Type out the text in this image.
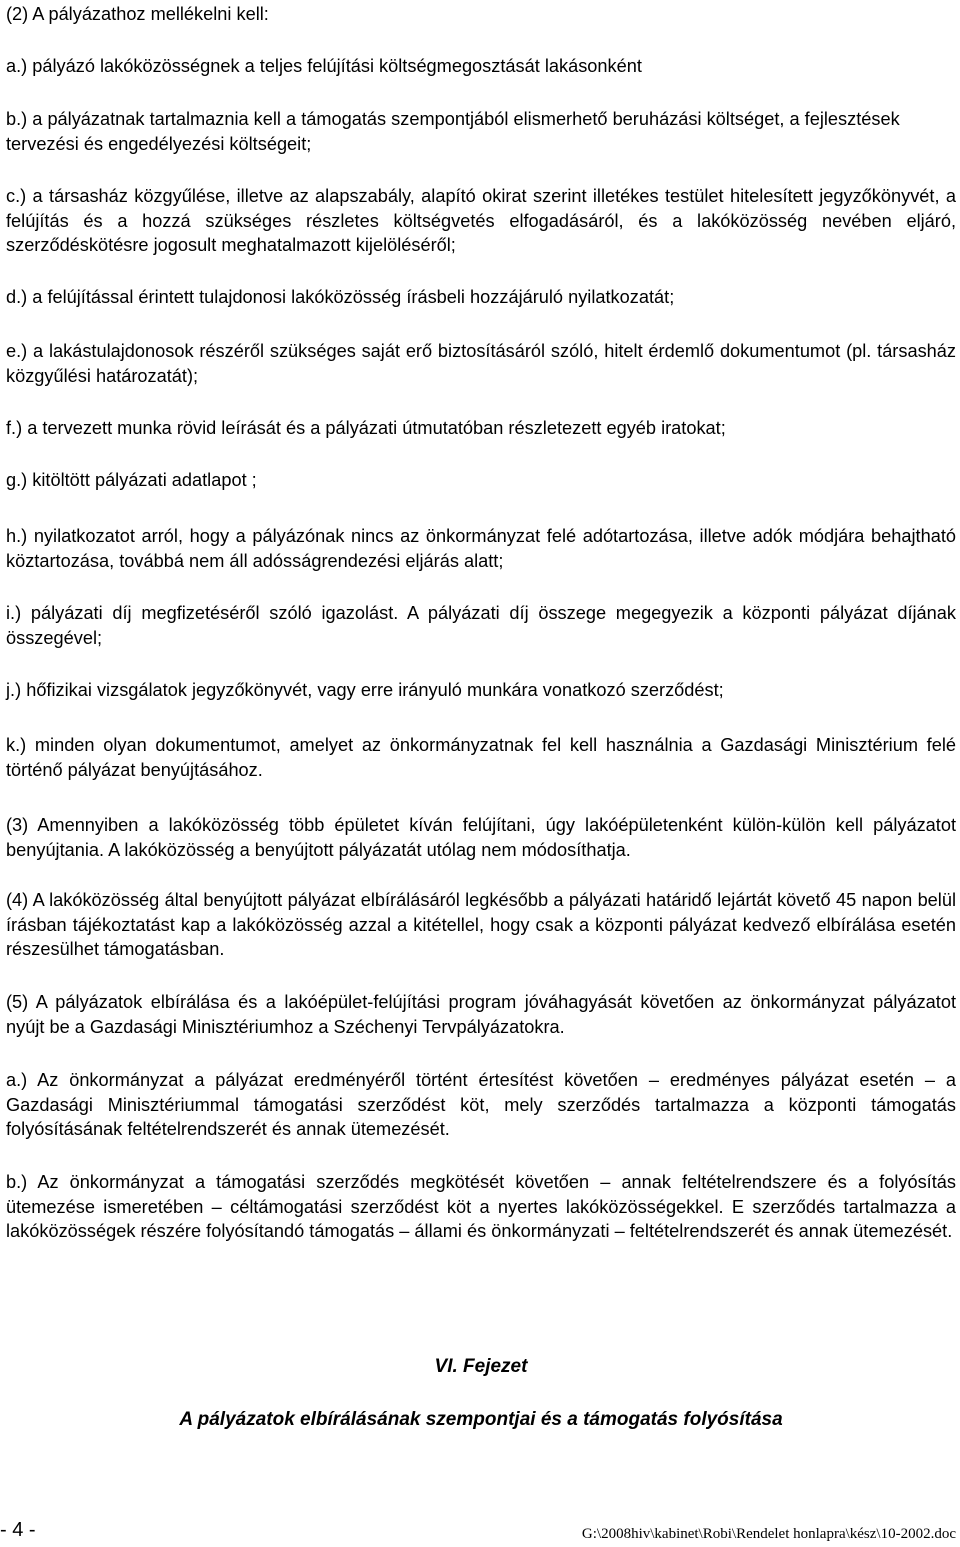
(2) A pályázathoz mellékelni kell:

a.) pályázó lakóközösségnek a teljes felújítási költségmegosztását lakásonként

b.) a pályázatnak tartalmaznia kell a támogatás szempontjából elismerhető beruházási költséget, a fejlesztések tervezési és engedélyezési költségeit;

c.) a társasház közgyűlése, illetve az alapszabály, alapító okirat szerint illetékes testület hitelesített jegyzőkönyvét, a felújítás és a hozzá szükséges részletes költségvetés elfogadásáról, és a lakóközösség nevében eljáró, szerződéskötésre jogosult meghatalmazott kijelöléséről;

d.) a felújítással érintett tulajdonosi lakóközösség írásbeli hozzájáruló nyilatkozatát;

e.) a lakástulajdonosok részéről szükséges saját erő biztosításáról szóló, hitelt érdemlő dokumentumot (pl. társasház közgyűlési határozatát);

f.) a tervezett munka rövid leírását és a pályázati útmutatóban részletezett egyéb iratokat;

g.) kitöltött pályázati adatlapot ;

h.) nyilatkozatot arról, hogy a pályázónak nincs az önkormányzat felé adótartozása, illetve adók módjára behajtható köztartozása, továbbá nem áll adósságrendezési eljárás alatt;

i.) pályázati díj megfizetéséről szóló igazolást. A pályázati díj összege megegyezik a központi pályázat díjának összegével;

j.) hőfizikai vizsgálatok jegyzőkönyvét, vagy erre irányuló munkára vonatkozó szerződést;

k.) minden olyan dokumentumot, amelyet az önkormányzatnak fel kell használnia a Gazdasági Minisztérium felé történő pályázat benyújtásához.

(3) Amennyiben a lakóközösség több épületet kíván felújítani, úgy lakóépületenként külön-külön kell pályázatot benyújtania. A lakóközösség a benyújtott pályázatát utólag nem módosíthatja.

(4) A lakóközösség által benyújtott pályázat elbírálásáról legkésőbb a pályázati határidő lejártát követő 45 napon belül írásban tájékoztatást kap a lakóközösség azzal a kitétellel, hogy csak a központi pályázat kedvező elbírálása esetén részesülhet támogatásban.

(5) A pályázatok elbírálása és a lakóépület-felújítási program jóváhagyását követően az önkormányzat pályázatot nyújt be a Gazdasági Minisztériumhoz a Széchenyi Tervpályázatokra.

a.) Az önkormányzat a pályázat eredményéről történt értesítést követően – eredményes pályázat esetén – a Gazdasági Minisztériummal támogatási szerződést köt, mely szerződés tartalmazza a központi támogatás folyósításának feltételrendszerét és annak ütemezését.

b.) Az önkormányzat a támogatási szerződés megkötését követően – annak feltételrendszere és a folyósítás ütemezése ismeretében – céltámogatási szerződést köt a nyertes lakóközösségekkel. E szerződés tartalmazza a lakóközösségek részére folyósítandó támogatás – állami és önkormányzati – feltételrendszerét és annak ütemezését.

VI. Fejezet
A pályázatok elbírálásának szempontjai és a támogatás folyósítása
- 4 -	G:\2008hiv\kabinet\Robi\Rendelet honlapra\kész\10-2002.doc
